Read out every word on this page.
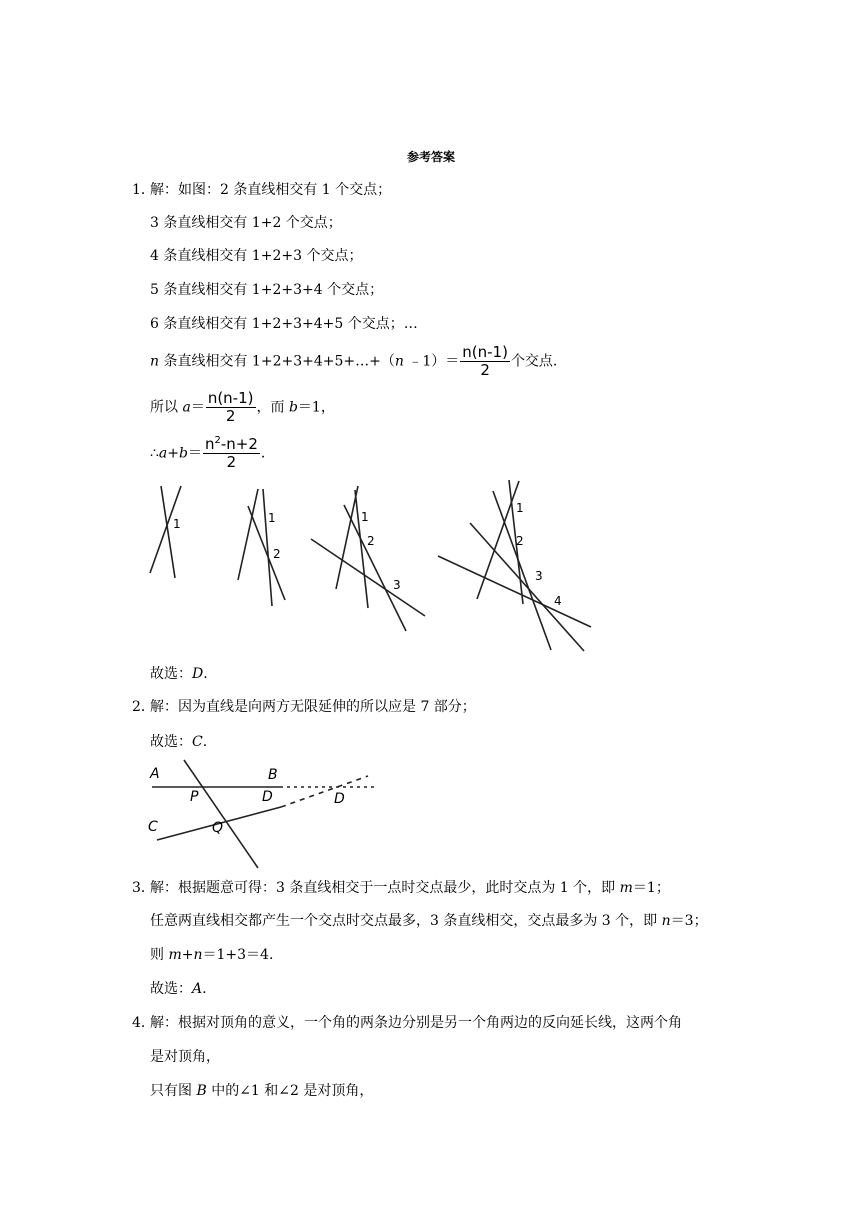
参考答案
1．
解：如图：2 条直线相交有 1 个交点；
3 条直线相交有 1+2 个交点；
4 条直线相交有 1+2+3 个交点；
5 条直线相交有 1+2+3+4 个交点；
6 条直线相交有 1+2+3+4+5 个交点；…
n 条直线相交有 1+2+3+4+5+…+（n ﹣1）＝ $\frac{n(n-1)}{2}$ 个交点.
所以 $a= \frac{n(n-1)}{2}$ ，而 b＝1，
∴a+b＝ $\frac{n^2-n+2}{2}$ .
1	1
2
1
2
3
1
2
3
4
故选：D.
2．
解：因为直线是向两方无限延伸的所以应是 7 部分；
故选：C.
A	B
C
P	D	D
Q
3．
解：根据题意可得：3 条直线相交于一点时交点最少，此时交点为 1 个，即 m＝1；
任意两直线相交都产生一个交点时交点最多，3 条直线相交，交点最多为 3 个，即 n＝3；
则 m+n＝1+3＝4.
故选：A.
4．
解：根据对顶角的意义，一个角的两条边分别是另一个角两边的反向延长线，这两个角
是对顶角，
只有图 B 中的∠1 和∠2 是对顶角，
